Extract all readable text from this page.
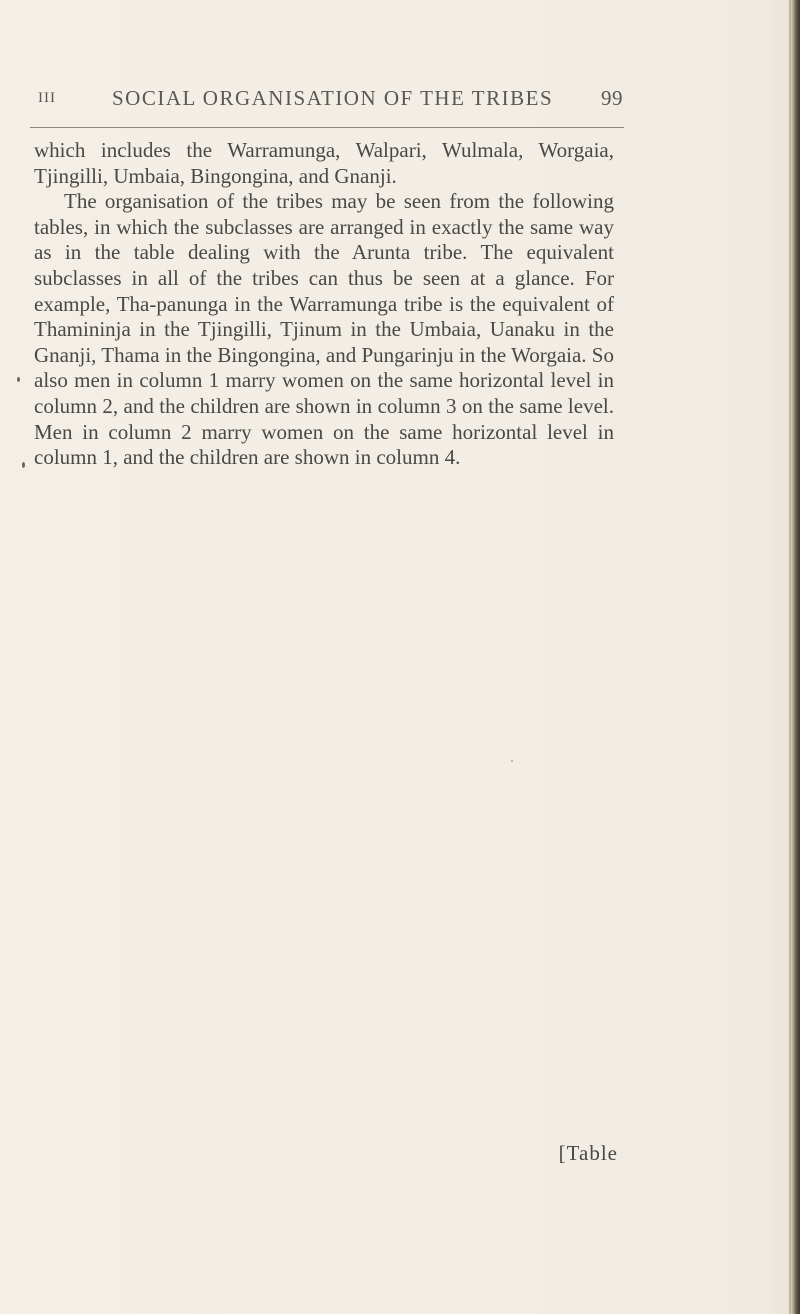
III	SOCIAL ORGANISATION OF THE TRIBES	99

which includes the Warramunga, Walpari, Wulmala, Worgaia, Tjingilli, Umbaia, Bingongina, and Gnanji.

The organisation of the tribes may be seen from the following tables, in which the subclasses are arranged in exactly the same way as in the table dealing with the Arunta tribe. The equivalent subclasses in all of the tribes can thus be seen at a glance. For example, Tha-panunga in the Warramunga tribe is the equivalent of Thamininja in the Tjingilli, Tjinum in the Umbaia, Uanaku in the Gnanji, Thama in the Bingongina, and Pungarinju in the Worgaia. So also men in column 1 marry women on the same horizontal level in column 2, and the children are shown in column 3 on the same level. Men in column 2 marry women on the same horizontal level in column 1, and the children are shown in column 4.

[Table
